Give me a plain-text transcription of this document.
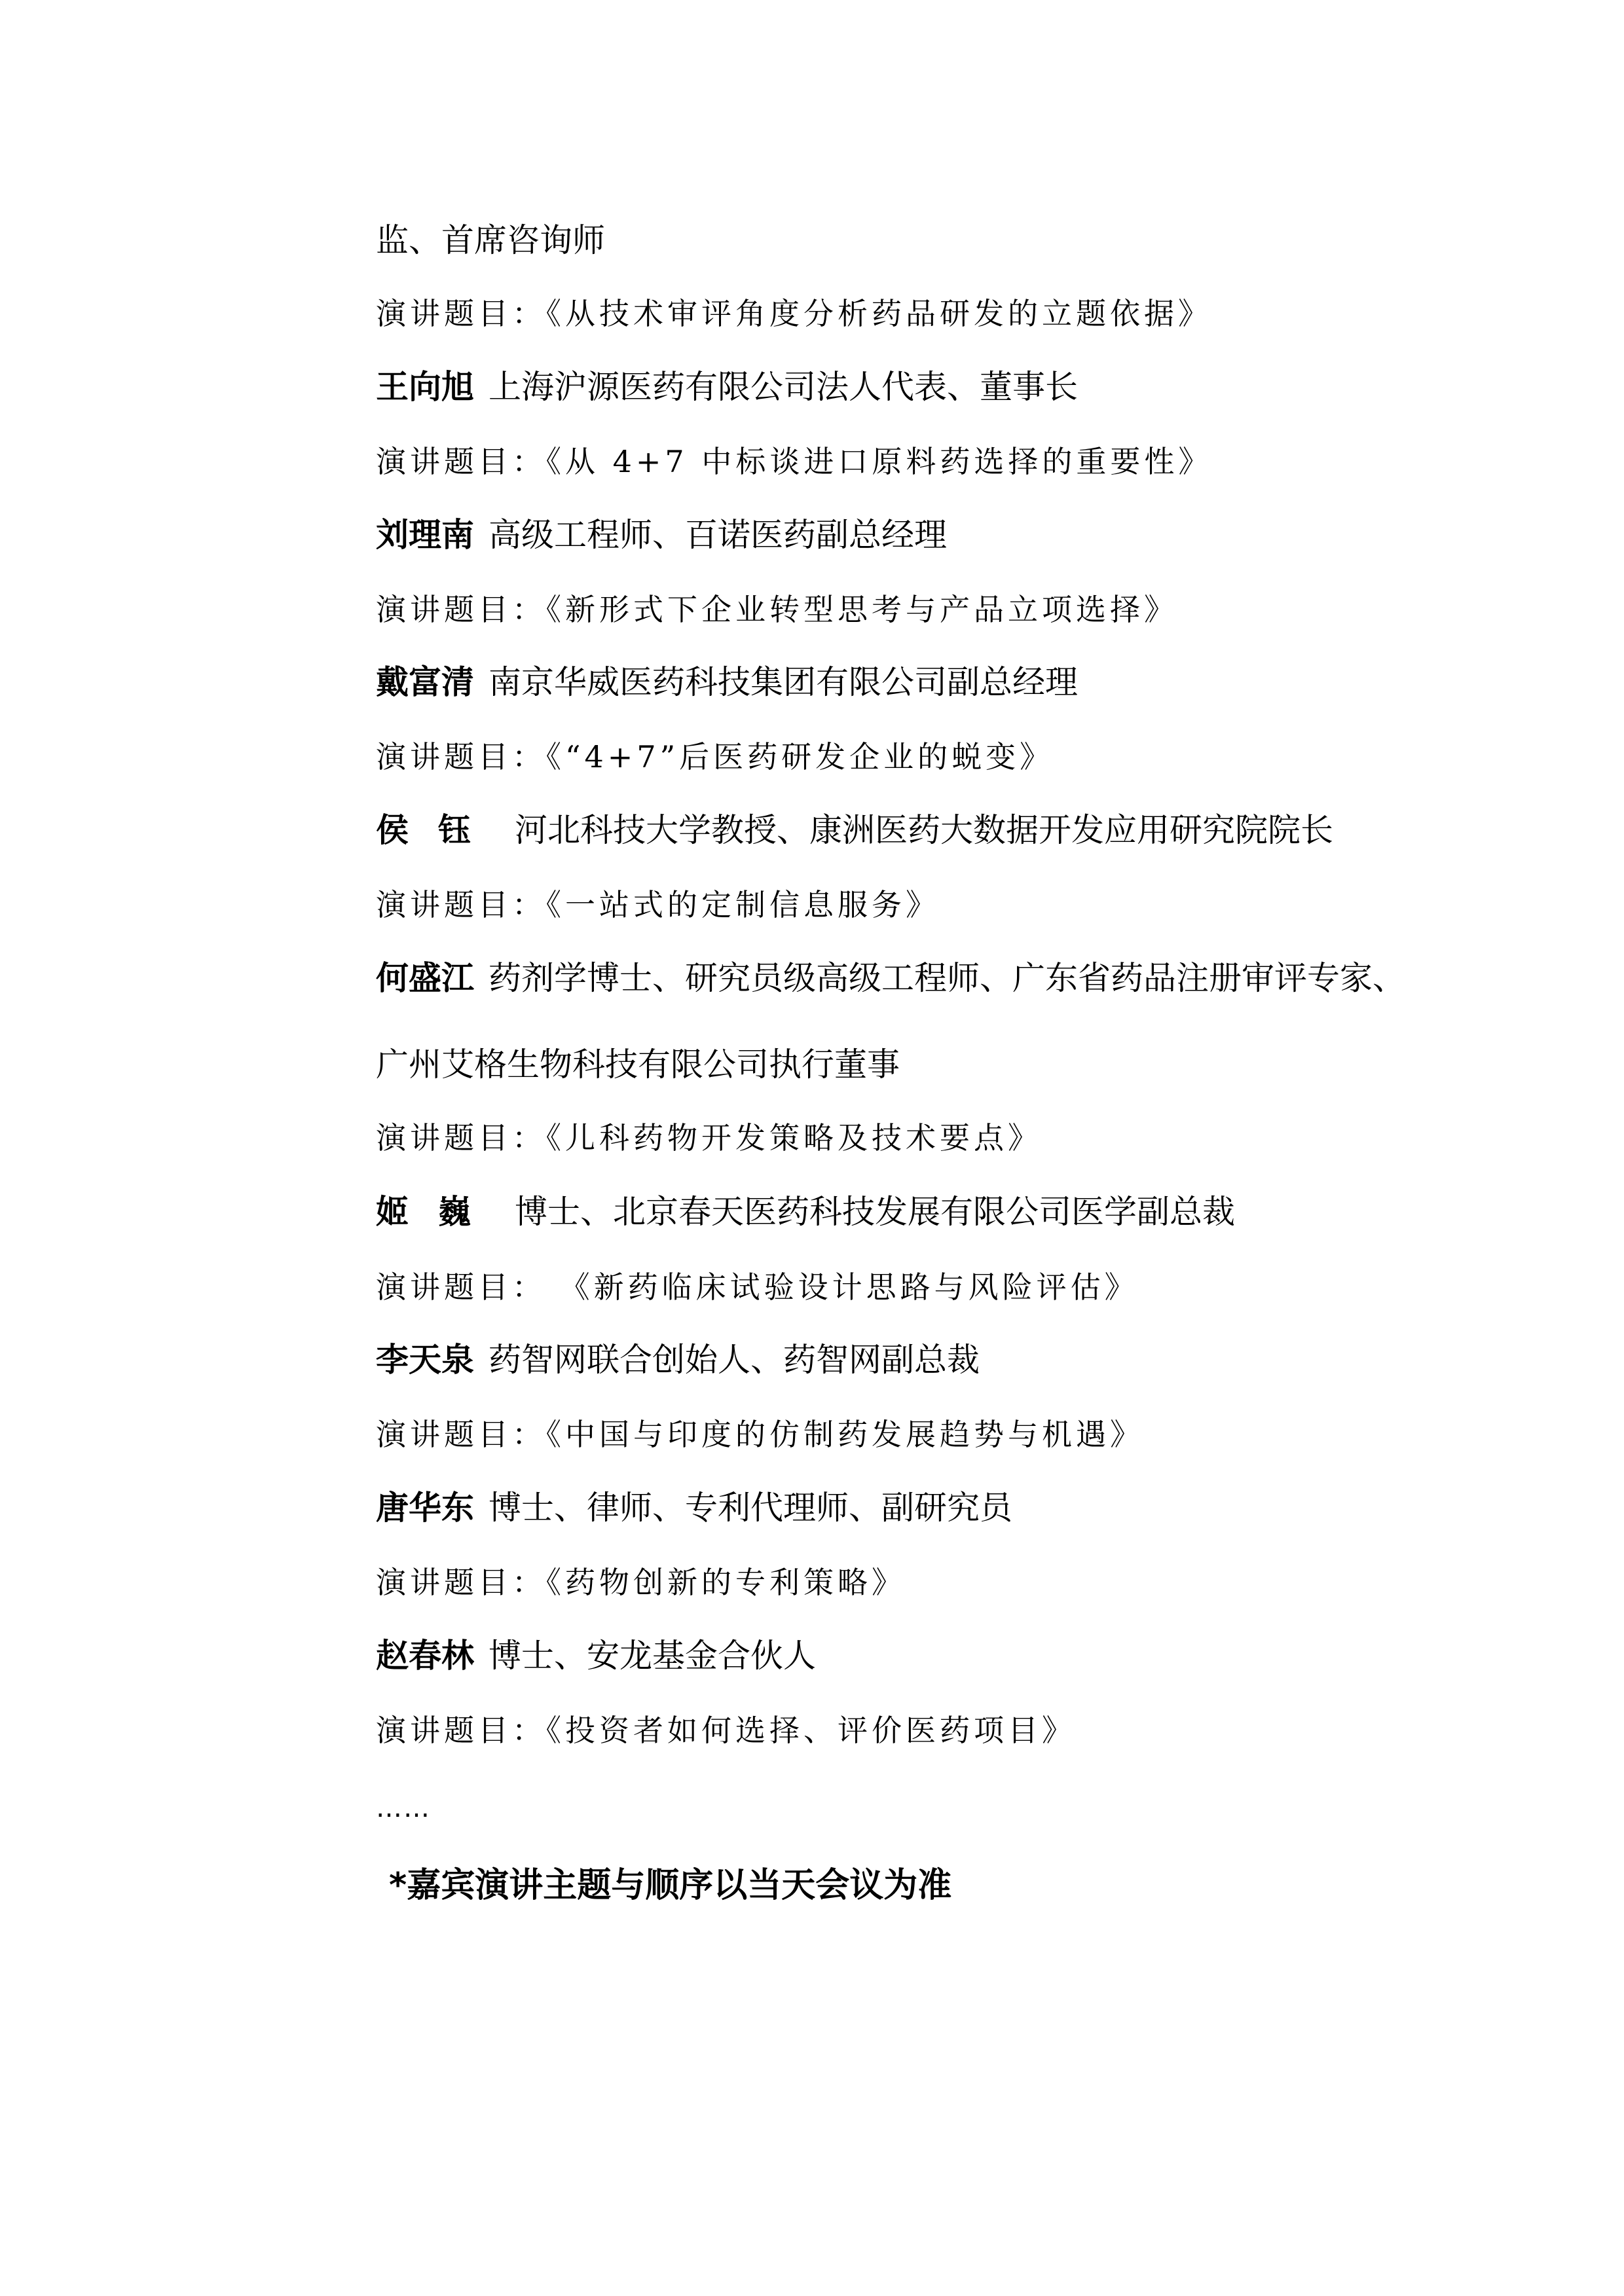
监、首席咨询师
演讲题目：《从技术审评角度分析药品研发的立题依据》
王向旭 上海沪源医药有限公司法人代表、董事长
演讲题目：《从 4+7 中标谈进口原料药选择的重要性》
刘理南 高级工程师、百诺医药副总经理
演讲题目：《新形式下企业转型思考与产品立项选择》
戴富清 南京华威医药科技集团有限公司副总经理
演讲题目：《“4+7”后医药研发企业的蜕变》
侯钰 河北科技大学教授、康洲医药大数据开发应用研究院院长
演讲题目：《一站式的定制信息服务》
何盛江 药剂学博士、研究员级高级工程师、广东省药品注册审评专家、
广州艾格生物科技有限公司执行董事
演讲题目：《儿科药物开发策略及技术要点》
姬巍 博士、北京春天医药科技发展有限公司医学副总裁
演讲题目： 《新药临床试验设计思路与风险评估》
李天泉 药智网联合创始人、药智网副总裁
演讲题目：《中国与印度的仿制药发展趋势与机遇》
唐华东 博士、律师、专利代理师、副研究员
演讲题目：《药物创新的专利策略》
赵春林 博士、安龙基金合伙人
演讲题目：《投资者如何选择、评价医药项目》
……
*嘉宾演讲主题与顺序以当天会议为准
